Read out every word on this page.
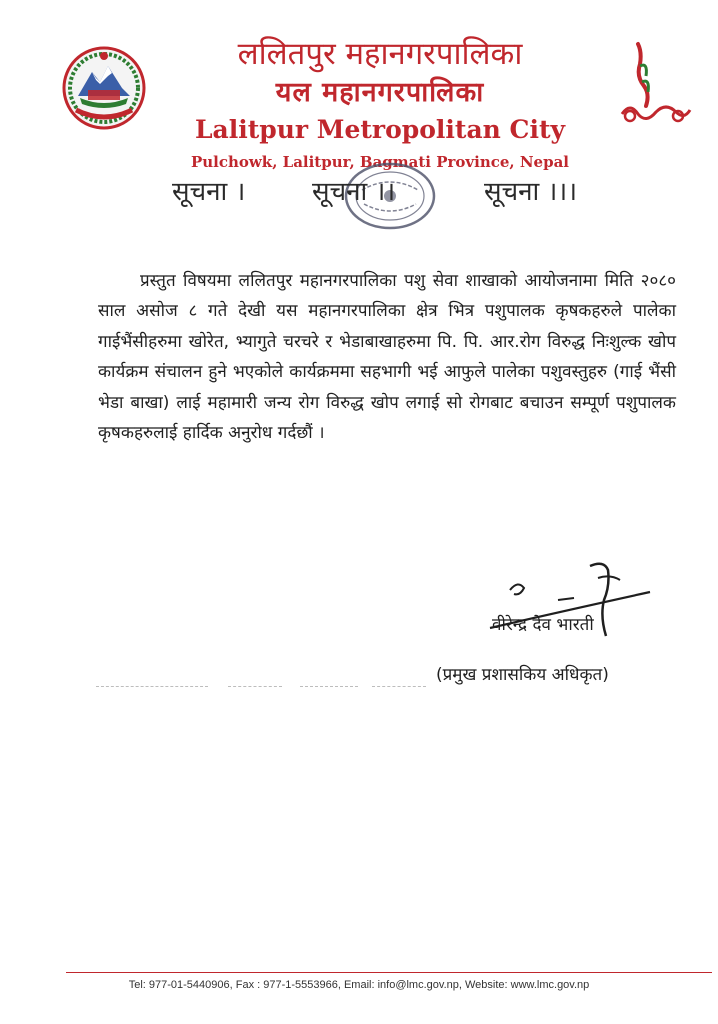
ललितपुर महानगरपालिका
यल महानगरपालिका
Lalitpur Metropolitan City
Pulchowk, Lalitpur, Bagmati Province, Nepal
सूचना ।	सूचना ।।	सूचना ।।।

प्रस्तुत विषयमा ललितपुर महानगरपालिका पशु सेवा शाखाको आयोजनामा मिति २०८० साल असोज ८ गते देखी यस महानगरपालिका क्षेत्र भित्र पशुपालक कृषकहरुले पालेका गाईभैंसीहरुमा खोरेत, भ्यागुते चरचरे र भेडाबाखाहरुमा पि. पि. आर.रोग विरुद्ध निःशुल्क खोप कार्यक्रम संचालन हुने भएकोले कार्यक्रममा सहभागी भई आफुले पालेका पशुवस्तुहरु (गाई भैंसी भेडा बाखा) लाई महामारी जन्य रोग विरुद्ध खोप लगाई सो रोगबाट बचाउन सम्पूर्ण पशुपालक कृषकहरुलाई हार्दिक अनुरोध गर्दछौं ।

वीरेन्द्र देव भारती
(प्रमुख प्रशासकिय अधिकृत)
Tel: 977-01-5440906, Fax : 977-1-5553966, Email: info@lmc.gov.np, Website: www.lmc.gov.np
